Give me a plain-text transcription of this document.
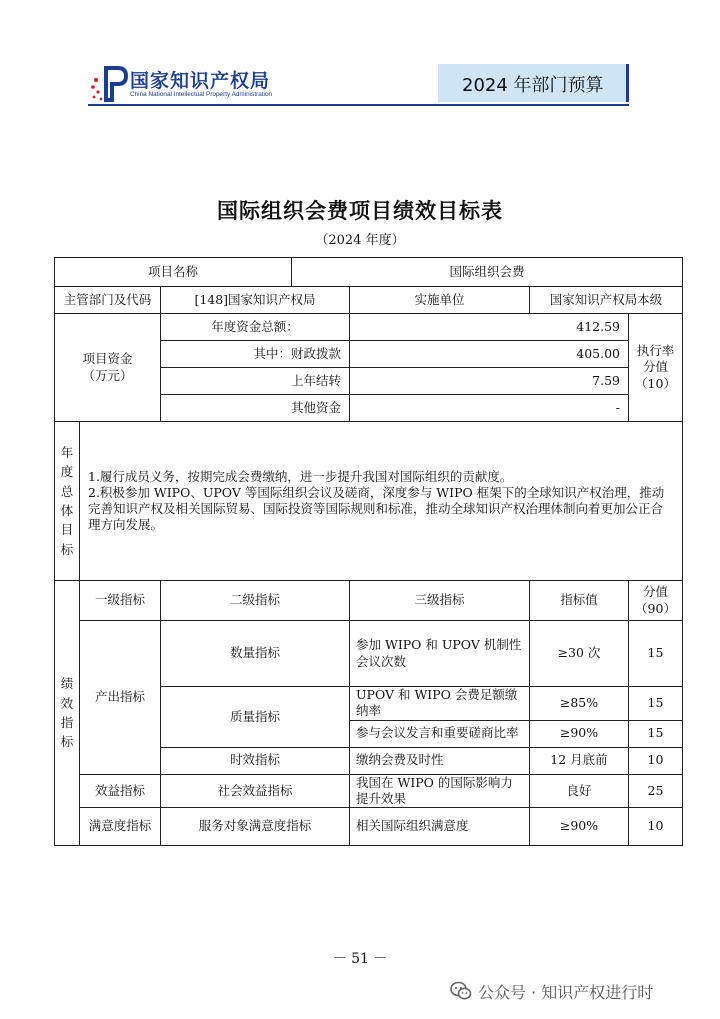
国家知识产权局
China National Intellectual Property Administration	2024 年部门预算
国际组织会费项目绩效目标表
（2024 年度）
项目名称			国际组织会费			
主管部门及代码		[148]国家知识产权局		实施单位	国家知识产权局本级	
项目资金
（万元）		年度资金总额：		412.59		执行率
分值（10）
		其中：财政拨款		405.00		
		上年结转		7.59		
		其他资金		-		

年度总体目标	1.履行成员义务，按期完成会费缴纳，进一步提升我国对国际组织的贡献度。
2.积极参加 WIPO、UPOV 等国际组织会议及磋商，深度参与 WIPO 框架下的全球知识产权治理，推动完善知识产权及相关国际贸易、国际投资等国际规则和标准，推动全球知识产权治理体制向着更加公正合理方向发展。					

绩效指标	一级指标	二级指标		三级指标	指标值	分值
（90）
	产出指标	数量指标		参加 WIPO 和 UPOV 机制性会议次数	≥30 次	15
		质量指标		UPOV 和 WIPO 会费足额缴纳率	≥85%	15
				参与会议发言和重要磋商比率	≥90%	15
		时效指标		缴纳会费及时性	12 月底前	10
	效益指标	社会效益指标		我国在 WIPO 的国际影响力提升效果	良好	25
	满意度指标	服务对象满意度指标		相关国际组织满意度	≥90%	10
－ 51 －
公众号 · 知识产权进行时
